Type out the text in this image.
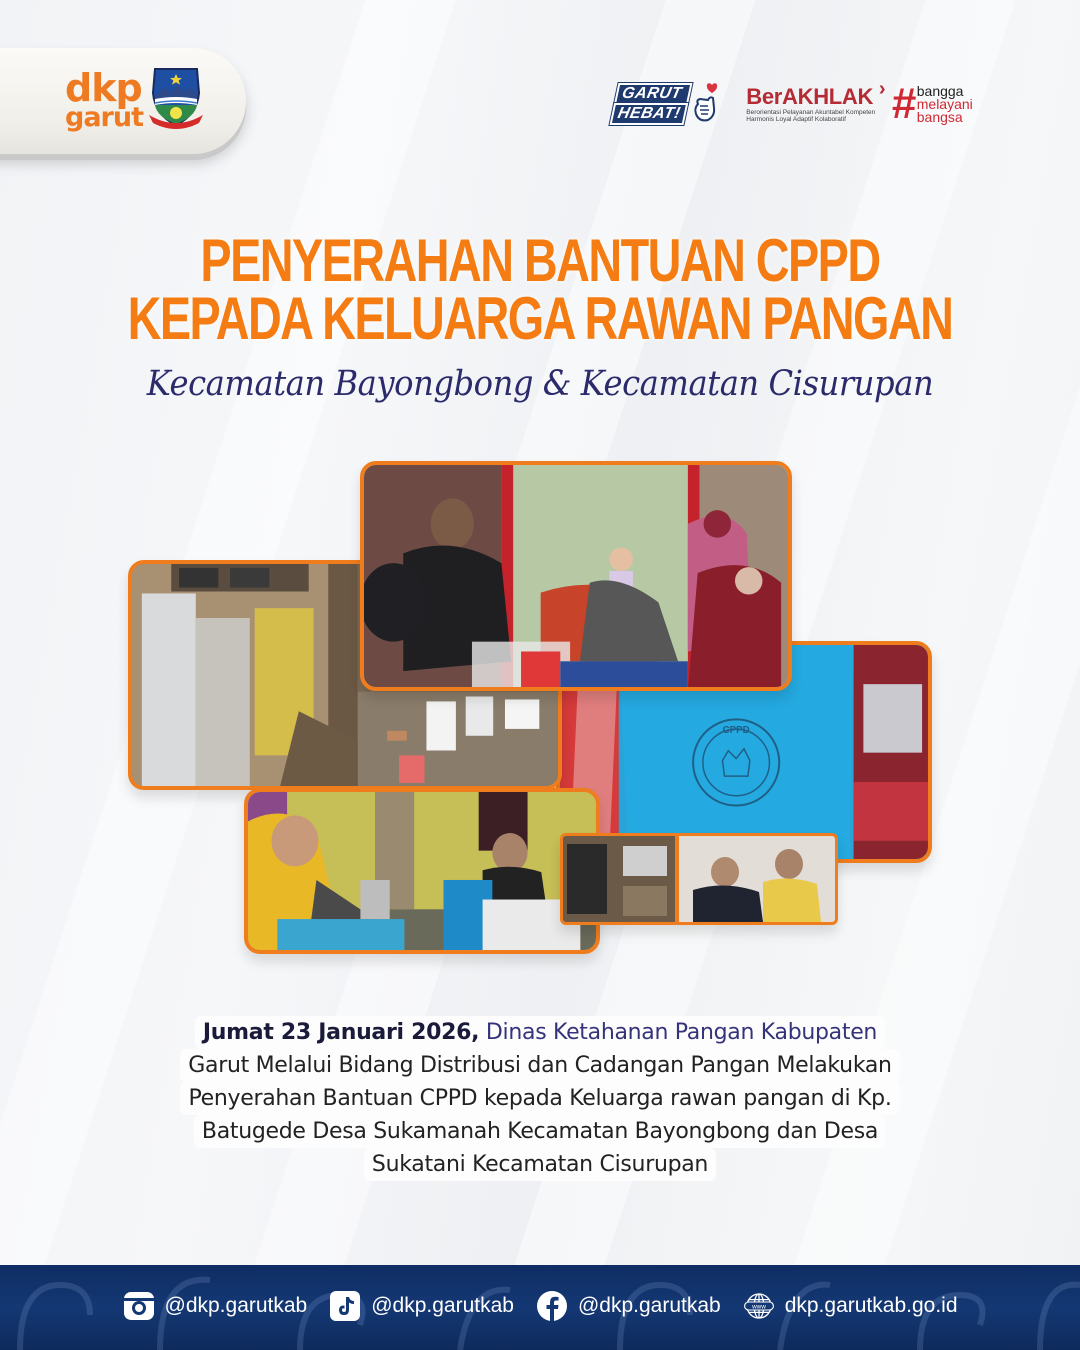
dkp
garut
GARUT
HEBAT!
BerAKHLAK ›
Berorientasi Pelayanan Akuntabel Kompeten
Harmonis Loyal Adaptif Kolaboratif	# bangga
melayani
bangsa
PENYERAHAN BANTUAN CPPD
KEPADA KELUARGA RAWAN PANGAN
Kecamatan Bayongbong & Kecamatan Cisurupan
CPPD
Jumat 23 Januari 2026, Dinas Ketahanan Pangan Kabupaten
Garut Melalui Bidang Distribusi dan Cadangan Pangan Melakukan
Penyerahan Bantuan CPPD kepada Keluarga rawan pangan di Kp.
Batugede Desa Sukamanah Kecamatan Bayongbong dan Desa
Sukatani Kecamatan Cisurupan
@dkp.garutkab	@dkp.garutkab	@dkp.garutkab	www dkp.garutkab.go.id
